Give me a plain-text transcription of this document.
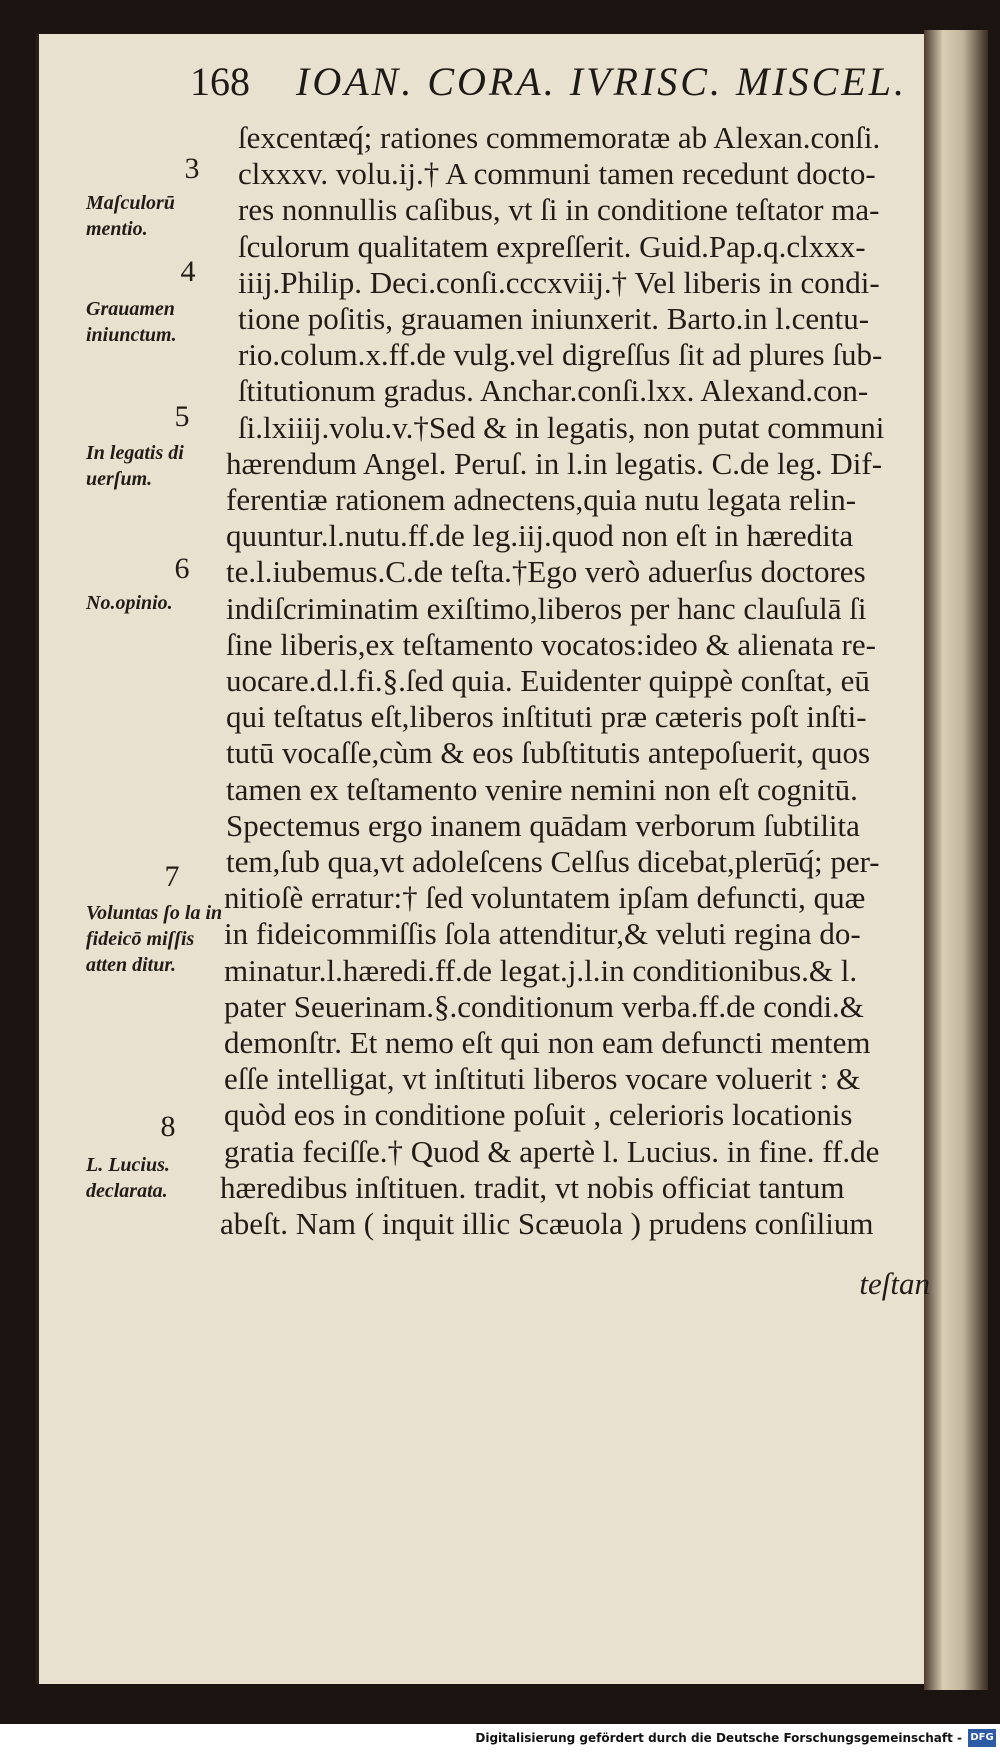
168 IOAN. CORA. IVRISC. MISCEL.
ſexcentæq́; rationes commemoratæ ab Alexan.conſi.
clxxxv. volu.ij.† A communi tamen recedunt docto-
res nonnullis caſibus, vt ſi in conditione teſtator ma-
ſculorum qualitatem expreſſerit. Guid.Pap.q.clxxx-
iiij.Philip. Deci.conſi.cccxviij.† Vel liberis in condi-
tione poſitis, grauamen iniunxerit. Barto.in l.centu-
rio.colum.x.ff.de vulg.vel digreſſus ſit ad plures ſub-
ſtitutionum gradus. Anchar.conſi.lxx. Alexand.con-
ſi.lxiiij.volu.v.†Sed & in legatis, non putat communi
hærendum Angel. Peruſ. in l.in legatis. C.de leg. Dif-
ferentiæ rationem adnectens,quia nutu legata relin-
quuntur.l.nutu.ff.de leg.iij.quod non eſt in hæredita
te.l.iubemus.C.de teſta.†Ego verò aduerſus doctores
indiſcriminatim exiſtimo,liberos per hanc clauſulā ſi
ſine liberis,ex teſtamento vocatos:ideo & alienata re-
uocare.d.l.fi.§.ſed quia. Euidenter quippè conſtat, eū
qui teſtatus eſt,liberos inſtituti præ cæteris poſt inſti-
tutū vocaſſe,cùm & eos ſubſtitutis antepoſuerit, quos
tamen ex teſtamento venire nemini non eſt cognitū.
Spectemus ergo inanem quādam verborum ſubtilita
tem,ſub qua,vt adoleſcens Celſus dicebat,plerūq́; per-
nitioſè erratur:† ſed voluntatem ipſam defuncti, quæ
in fideicommiſſis ſola attenditur,& veluti regina do-
minatur.l.hæredi.ff.de legat.j.l.in conditionibus.& l.
pater Seuerinam.§.conditionum verba.ff.de condi.&
demonſtr. Et nemo eſt qui non eam defuncti mentem
eſſe intelligat, vt inſtituti liberos vocare voluerit : &
quòd eos in conditione poſuit , celerioris locationis
gratia feciſſe.† Quod & apertè l. Lucius. in fine. ff.de
hæredibus inſtituen. tradit, vt nobis officiat tantum
abeſt. Nam ( inquit illic Scæuola ) prudens conſilium
3
4
5
6
7
8
Maſculorū mentio.
Grauamen iniunctum.
In legatis di uerſum.
No.opinio.
Voluntas ſo la in fideicō miſſis atten ditur.
L. Lucius. declarata.
teſtan
Digitalisierung gefördert durch die Deutsche Forschungsgemeinschaft - DFG
